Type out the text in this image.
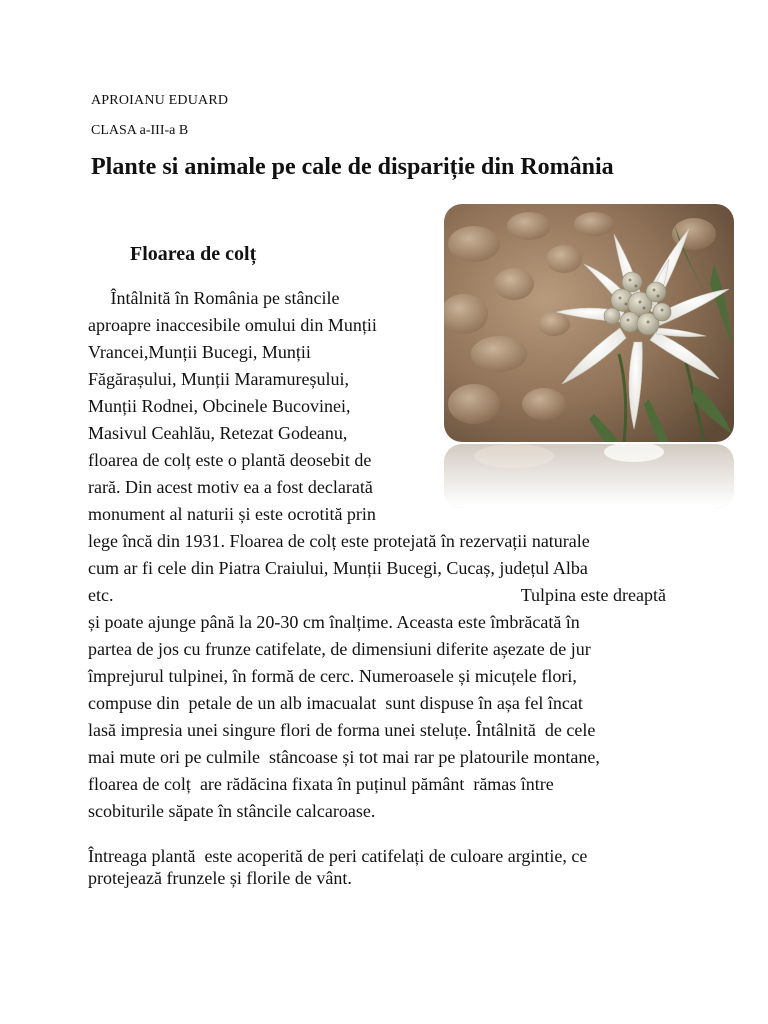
APROIANU EDUARD
CLASA a-III-a B
Plante si animale pe cale de dispariție din România
Floarea de colț
Întâlnită în România pe stâncile
aproapre inaccesibile omului din Munții
Vrancei,Munții Bucegi, Munții
Făgărașului, Munții Maramureșului,
Munții Rodnei, Obcinele Bucovinei,
Masivul Ceahlău, Retezat Godeanu,
floarea de colț este o plantă deosebit de
rară. Din acest motiv ea a fost declarată
monument al naturii și este ocrotită prin
lege încă din 1931. Floarea de colț este protejată în rezervații naturale
cum ar fi cele din Piatra Craiului, Munții Bucegi, Cucaș, județul Alba
etc.	Tulpina este dreaptă
și poate ajunge până la 20-30 cm înalțime. Aceasta este îmbrăcată în
partea de jos cu frunze catifelate, de dimensiuni diferite așezate de jur
împrejurul tulpinei, în formă de cerc. Numeroasele și micuțele flori,
compuse din  petale de un alb imacualat  sunt dispuse în așa fel încat
lasă impresia unei singure flori de forma unei steluțe. Întâlnită  de cele
mai mute ori pe culmile  stâncoase și tot mai rar pe platourile montane,
floarea de colț  are rădăcina fixata în puținul pământ  rămas între
scobiturile săpate în stâncile calcaroase.
Întreaga plantă  este acoperită de peri catifelați de culoare argintie, ce
protejează frunzele și florile de vânt.
